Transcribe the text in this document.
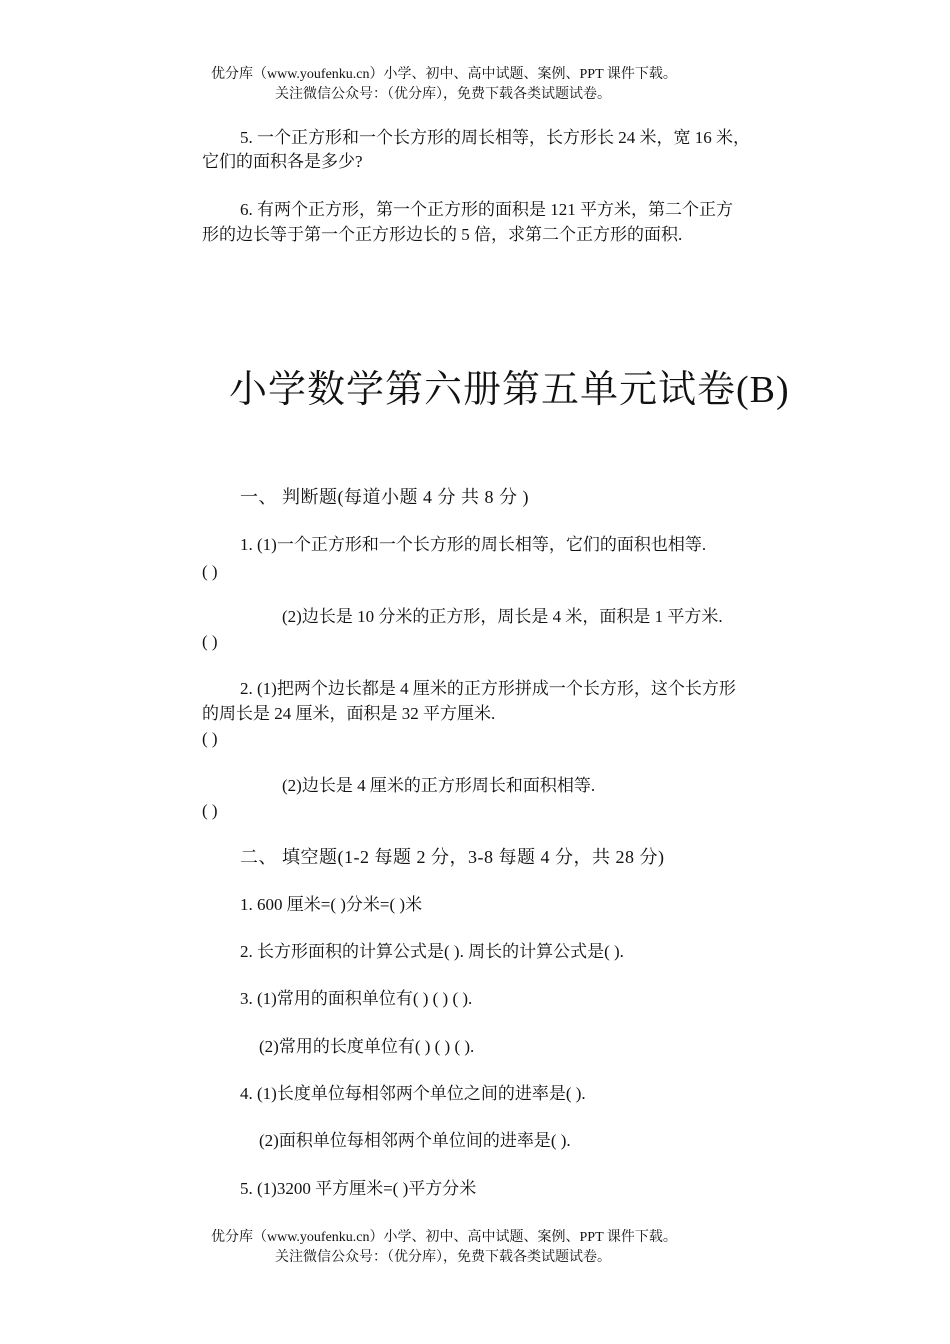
优分库（www.youfenku.cn）小学、初中、高中试题、案例、PPT 课件下载。
关注微信公众号：（优分库），免费下载各类试题试卷。
5. 一个正方形和一个长方形的周长相等，长方形长 24 米，宽 16 米，
它们的面积各是多少?
6. 有两个正方形，第一个正方形的面积是 121 平方米，第二个正方
形的边长等于第一个正方形边长的 5 倍，求第二个正方形的面积.
小学数学第六册第五单元试卷(B)
一、 判断题(每道小题 4 分 共 8 分 )
1. (1)一个正方形和一个长方形的周长相等，它们的面积也相等.
( )
(2)边长是 10 分米的正方形，周长是 4 米，面积是 1 平方米.
( )
2. (1)把两个边长都是 4 厘米的正方形拼成一个长方形，这个长方形
的周长是 24 厘米，面积是 32 平方厘米.
( )
(2)边长是 4 厘米的正方形周长和面积相等.
( )
二、 填空题(1-2 每题 2 分，3-8 每题 4 分，共 28 分)
1. 600 厘米=( )分米=( )米
2. 长方形面积的计算公式是( ). 周长的计算公式是( ).
3. (1)常用的面积单位有( ) ( ) ( ).
(2)常用的长度单位有( ) ( ) ( ).
4. (1)长度单位每相邻两个单位之间的进率是( ).
(2)面积单位每相邻两个单位间的进率是( ).
5. (1)3200 平方厘米=( )平方分米
优分库（www.youfenku.cn）小学、初中、高中试题、案例、PPT 课件下载。
关注微信公众号：（优分库），免费下载各类试题试卷。
